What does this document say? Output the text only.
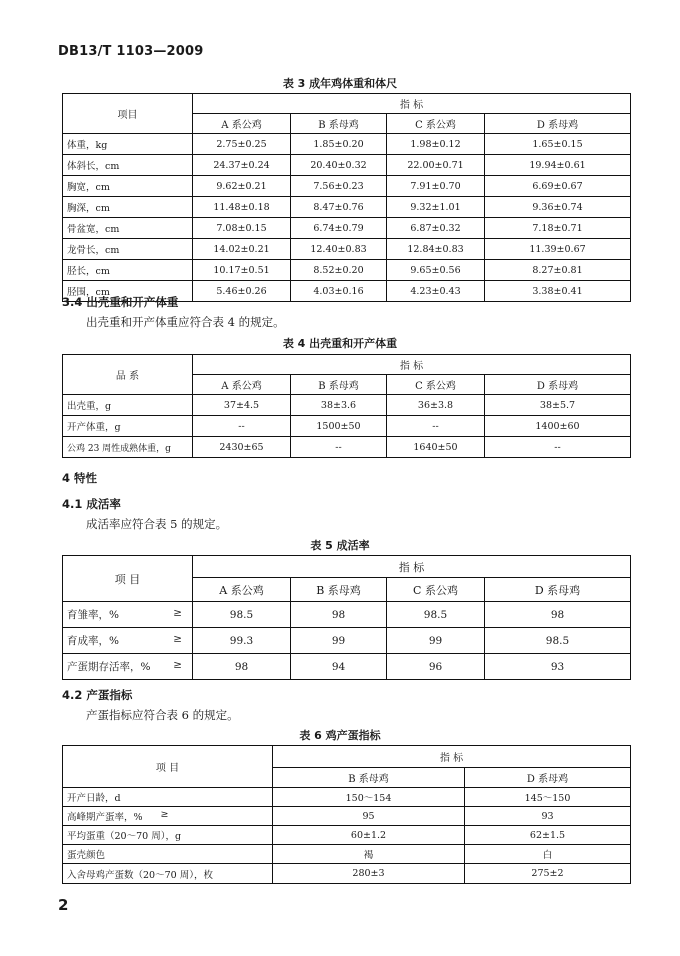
DB13/T 1103—2009
表 3 成年鸡体重和体尺
项目	指 标			
	A 系公鸡	B 系母鸡	C 系公鸡	D 系母鸡
体重，kg	2.75±0.25	1.85±0.20	1.98±0.12	1.65±0.15
体斜长，cm	24.37±0.24	20.40±0.32	22.00±0.71	19.94±0.61
胸宽，cm	9.62±0.21	7.56±0.23	7.91±0.70	6.69±0.67
胸深，cm	11.48±0.18	8.47±0.76	9.32±1.01	9.36±0.74
骨盆宽，cm	7.08±0.15	6.74±0.79	6.87±0.32	7.18±0.71
龙骨长，cm	14.02±0.21	12.40±0.83	12.84±0.83	11.39±0.67
胫长，cm	10.17±0.51	8.52±0.20	9.65±0.56	8.27±0.81
胫围，cm	5.46±0.26	4.03±0.16	4.23±0.43	3.38±0.41
3.4 出壳重和开产体重
出壳重和开产体重应符合表 4 的规定。
表 4 出壳重和开产体重
品 系	指 标			
	A 系公鸡	B 系母鸡	C 系公鸡	D 系母鸡
出壳重，g	37±4.5	38±3.6	36±3.8	38±5.7
开产体重，g	--	1500±50	--	1400±60
公鸡 23 周性成熟体重，g	2430±65	--	1640±50	--
4 特性
4.1 成活率
成活率应符合表 5 的规定。
表 5 成活率
项 目	指 标			
	A 系公鸡	B 系母鸡	C 系公鸡	D 系母鸡

育雏率，% ≥	98.5	98	98.5	98

育成率，% ≥	99.3	99	99	98.5

产蛋期存活率，% ≥	98	94	96	93
4.2 产蛋指标
产蛋指标应符合表 6 的规定。
表 6 鸡产蛋指标
项 目	指 标	
	B 系母鸡	D 系母鸡

开产日龄，d	150～154	145～150

高峰期产蛋率，% ≥	95	93

平均蛋重（20～70 周），g	60±1.2	62±1.5

蛋壳颜色	褐	白

入舍母鸡产蛋数（20～70 周），枚	280±3	275±2
2
